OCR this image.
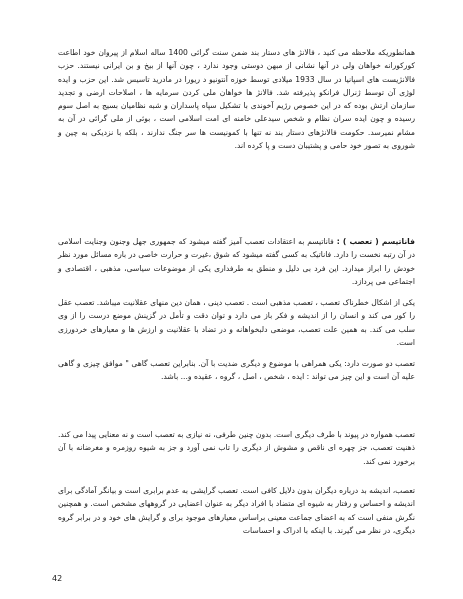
همانطوریکه ملاحظه می کنید ، فالانژ های دستار بند ضمن سنت گرائی 1400 ساله اسلام از پیروان خود اطاعت کورکورانه خواهان ولی در آنها نشانی از مبهن دوستی وجود ندارد ، چون آنها از بیخ و بن ایرانی نیستند. حزب فالانژیست های اسپانیا در سال 1933 میلادی توسط خوزه آنتونیو د ریورا در مادرید تاسیس شد. این حزب و ایده لوژی آن توسط ژنرال فرانکو پذیرفته شد. فالانژ ها خواهان ملی کردن سرمایه ها ، اصلاحات ارضی و تجدید سازمان ارتش بوده که در این خصوص رژیم آخوندی با تشکیل سپاه پاسداران و شبه نظامیان بسیج به اصل سوم رسیده و چون ایده سران نظام و شخص سیدعلی خامنه ای امت اسلامی است ، بوئی از ملی گرائی در آن به مشام نمیرسد. حکومت فالانژهای دستار بند نه تنها با کمونیست ها سر جنگ ندارند ، بلکه با نزدیکی به چین و شوروی به تصور خود حامی و پشتیبان دست و پا کرده اند.

فاناتیسم ( تعصب ) : فاناتیسم به اعتقادات تعصب آمیز گفته میشود که جمهوری جهل وجنون وجنایت اسلامی در آن رتبه نخست را دارد. فاناتیک به کسی گفته میشود که شوق ،غیرت و حرارت خاصی در باره مسائل مورد نظر خودش را ابراز میدارد. این فرد بی دلیل و منطق به طرفداری یکی از موضوعات سیاسی، مذهبی ، اقتصادی و اجتماعی می پردازد.

یکی از اشکال خطرناک تعصب ، تعصب مذهبی است . تعصب دینی ، همان دین منهای عقلانیت میباشد. تعصب عقل را کور می کند و انسان را از اندیشه و فکر باز می دارد و توان دقت و تأمل در گزینش موضع درست را از وی سلب می کند. به همین علت تعصب، موضعی دلبخواهانه و در تضاد با عقلانیت و ارزش ها و معیارهای خردورزی است.

تعصب دو صورت دارد: یکی همراهی با موضوع و دیگری ضدیت با آن. بنابراین تعصب گاهی " موافق چیزی و گاهی علیه آن است و این چیز می تواند : ایده ، شخص ، اصل ، گروه ، عقیده و... باشد.

تعصب همواره در پیوند با طرف دیگری است. بدون چنین طرفی، نه نیازی به تعصب است و نه معنایی پیدا می کند. ذهنیت تعصب، جز چهره ای ناقص و مشوش از دیگری را تاب نمی آورد و جز به شیوه روزمره و مغرضانه با آن برخورد نمی کند.

تعصب، اندیشه بد درباره دیگران بدون دلایل کافی است. تعصب گرایشی به عدم برابری است و بیانگر آمادگی برای اندیشه و احساس و رفتار به شیوه ای متضاد با افراد دیگر به عنوان اعضایی در گروههای مشخص است. و همچنین نگرش منفی است که به اعضای جماعت معینی براساس معیارهای موجود برای و گرایش های خود و در برابر گروه دیگری، در نظر می گیرند. با اینکه با ادراک و احساسات

42
